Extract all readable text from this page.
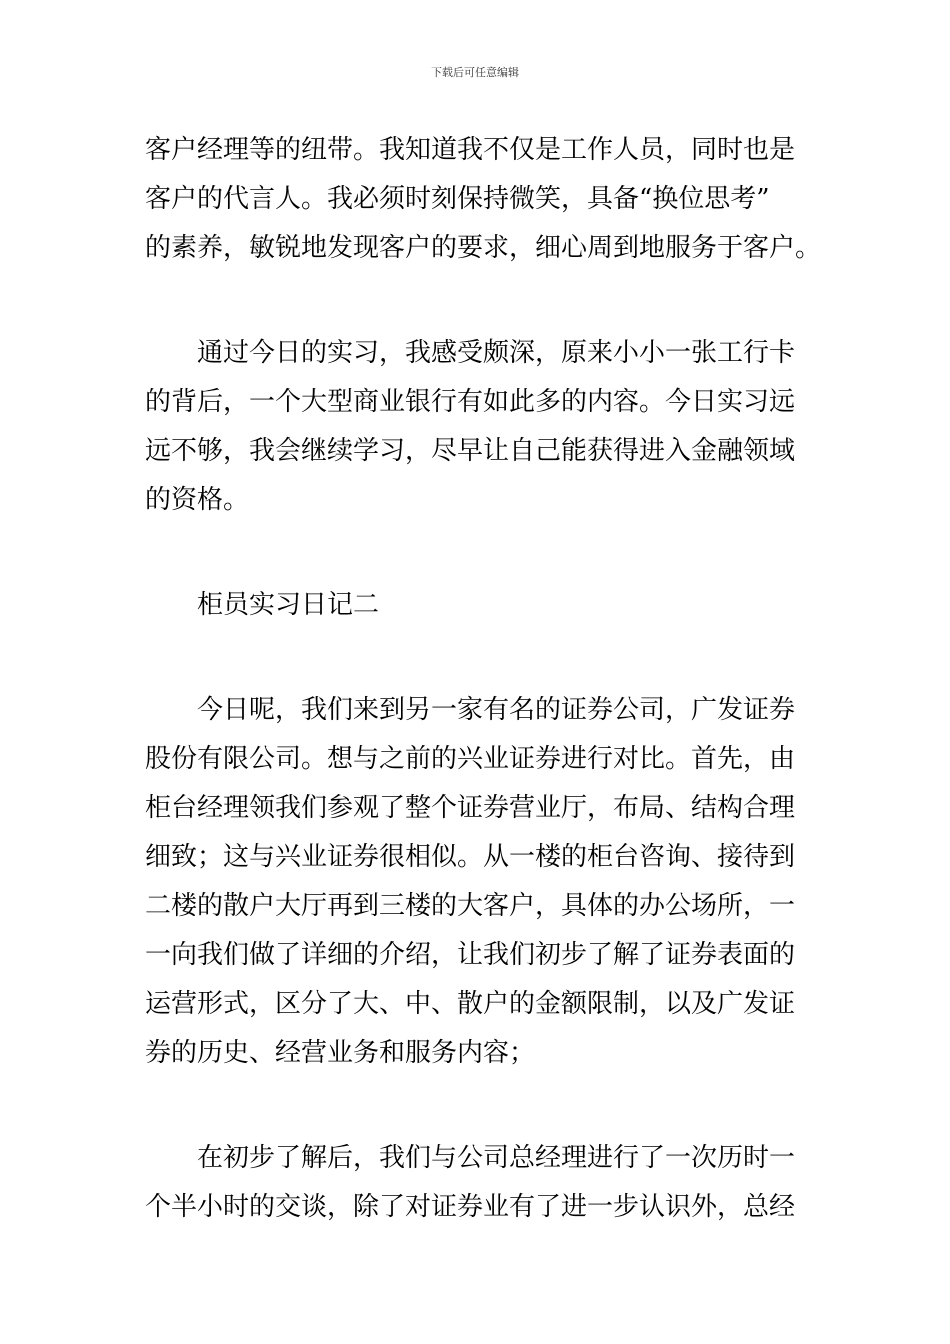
下载后可任意编辑
客户经理等的纽带。我知道我不仅是工作人员，同时也是
客户的代言人。我必须时刻保持微笑，具备“换位思考”
的素养，敏锐地发现客户的要求，细心周到地服务于客户。
通过今日的实习，我感受颇深，原来小小一张工行卡
的背后，一个大型商业银行有如此多的内容。今日实习远
远不够，我会继续学习，尽早让自己能获得进入金融领域
的资格。
柜员实习日记二
今日呢，我们来到另一家有名的证券公司，广发证券
股份有限公司。想与之前的兴业证券进行对比。首先，由
柜台经理领我们参观了整个证券营业厅，布局、结构合理
细致；这与兴业证券很相似。从一楼的柜台咨询、接待到
二楼的散户大厅再到三楼的大客户，具体的办公场所，一
一向我们做了详细的介绍，让我们初步了解了证券表面的
运营形式，区分了大、中、散户的金额限制，以及广发证
券的历史、经营业务和服务内容；
在初步了解后，我们与公司总经理进行了一次历时一
个半小时的交谈，除了对证券业有了进一步认识外，总经
